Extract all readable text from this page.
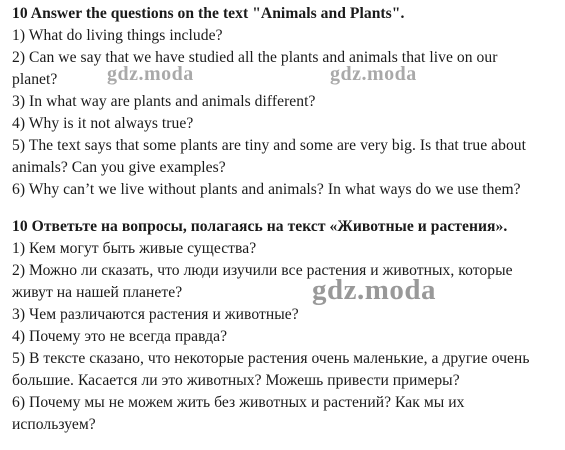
10 Answer the questions on the text "Animals and Plants".
1) What do living things include?
2) Can we say that we have studied all the plants and animals that live on our
planet?
3) In what way are plants and animals different?
4) Why is it not always true?
5) The text says that some plants are tiny and some are very big. Is that true about
animals? Can you give examples?
6) Why can’t we live without plants and animals? In what ways do we use them?
10 Ответьте на вопросы, полагаясь на текст «Животные и растения».
1) Кем могут быть живые существа?
2) Можно ли сказать, что люди изучили все растения и животных, которые
живут на нашей планете?
3) Чем различаются растения и животные?
4) Почему это не всегда правда?
5) В тексте сказано, что некоторые растения очень маленькие, а другие очень
большие. Касается ли это животных? Можешь привести примеры?
6) Почему мы не можем жить без животных и растений? Как мы их
используем?
gdz.moda	gdz.moda
gdz.moda
